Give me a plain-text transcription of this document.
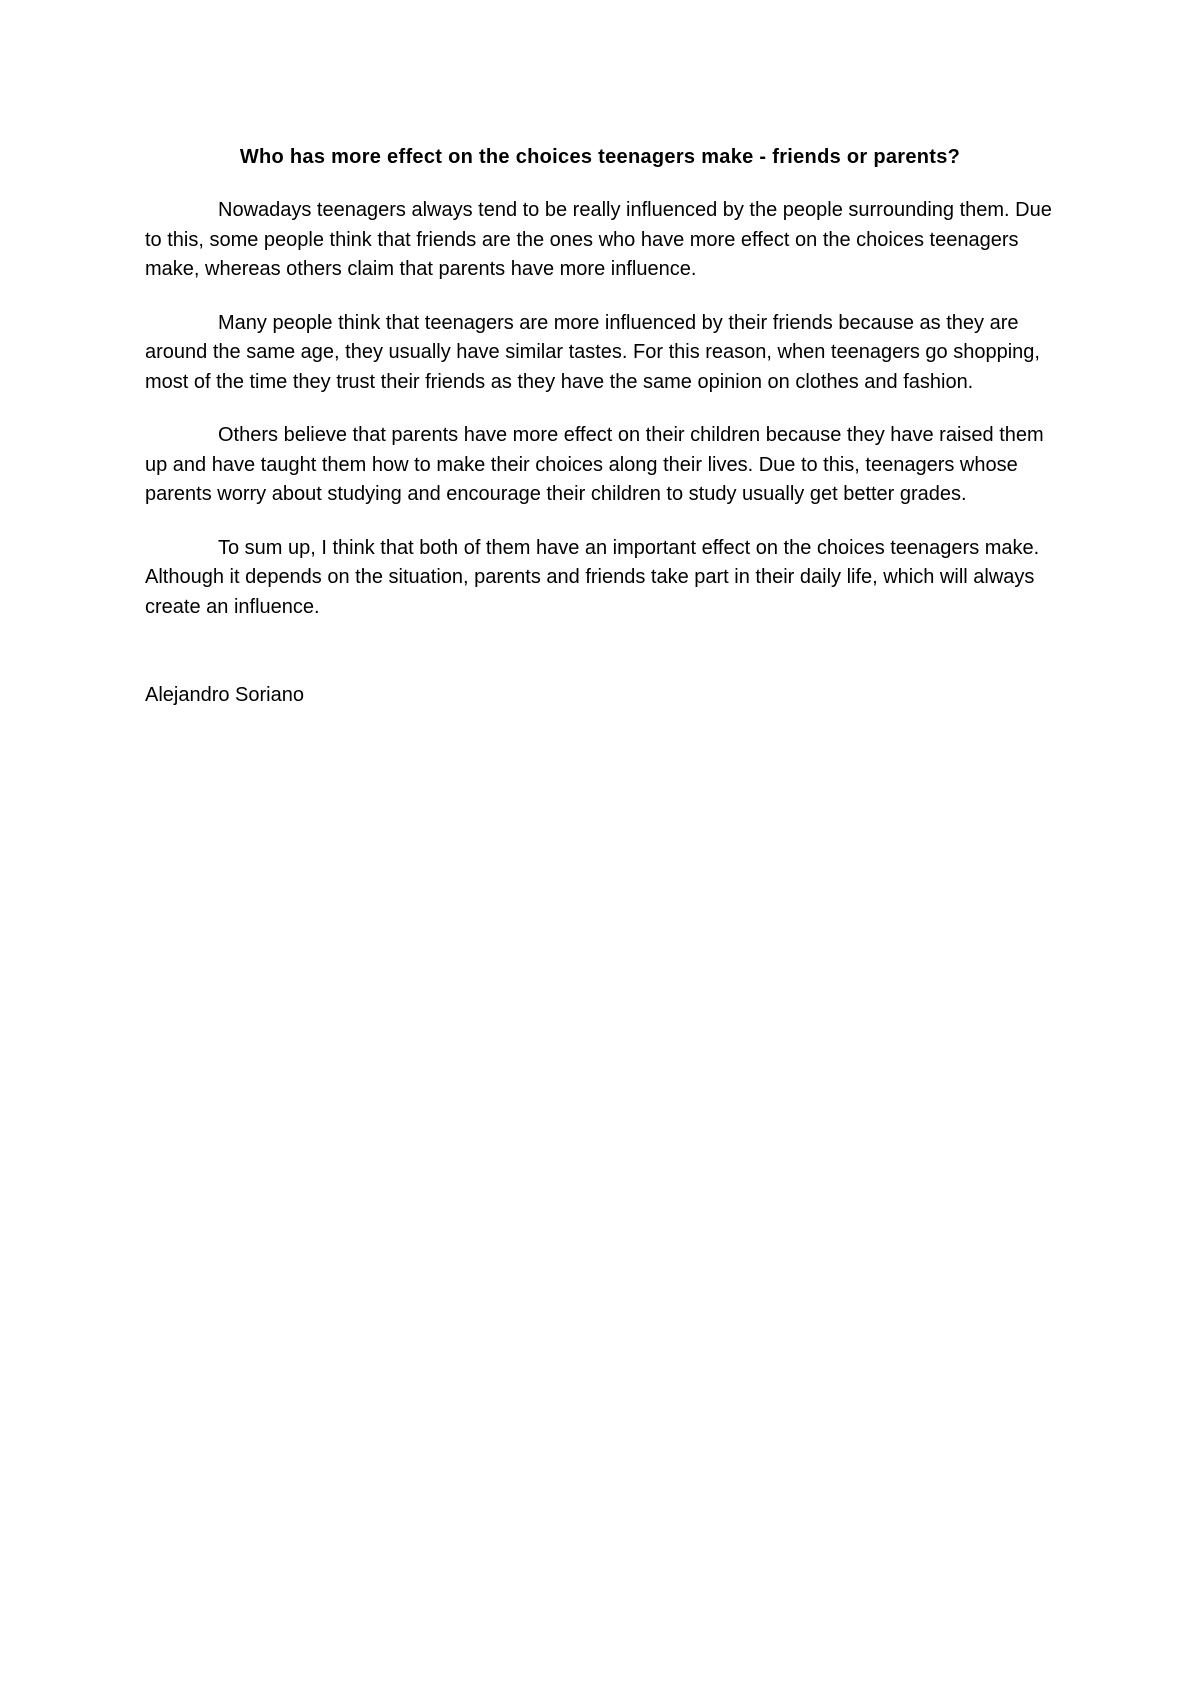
Who has more effect on the choices teenagers make - friends or parents?

Nowadays teenagers always tend to be really influenced by the people surrounding them. Due to this, some people think that friends are the ones who have more effect on the choices teenagers make, whereas others claim that parents have more influence.

Many people think that teenagers are more influenced by their friends because as they are around the same age, they usually have similar tastes. For this reason, when teenagers go shopping, most of the time they trust their friends as they have the same opinion on clothes and fashion.

Others believe that parents have more effect on their children because they have raised them up and have taught them how to make their choices along their lives. Due to this, teenagers whose parents worry about studying and encourage their children to study usually get better grades.

To sum up, I think that both of them have an important effect on the choices teenagers make. Although it depends on the situation, parents and friends take part in their daily life, which will always create an influence.

Alejandro Soriano
